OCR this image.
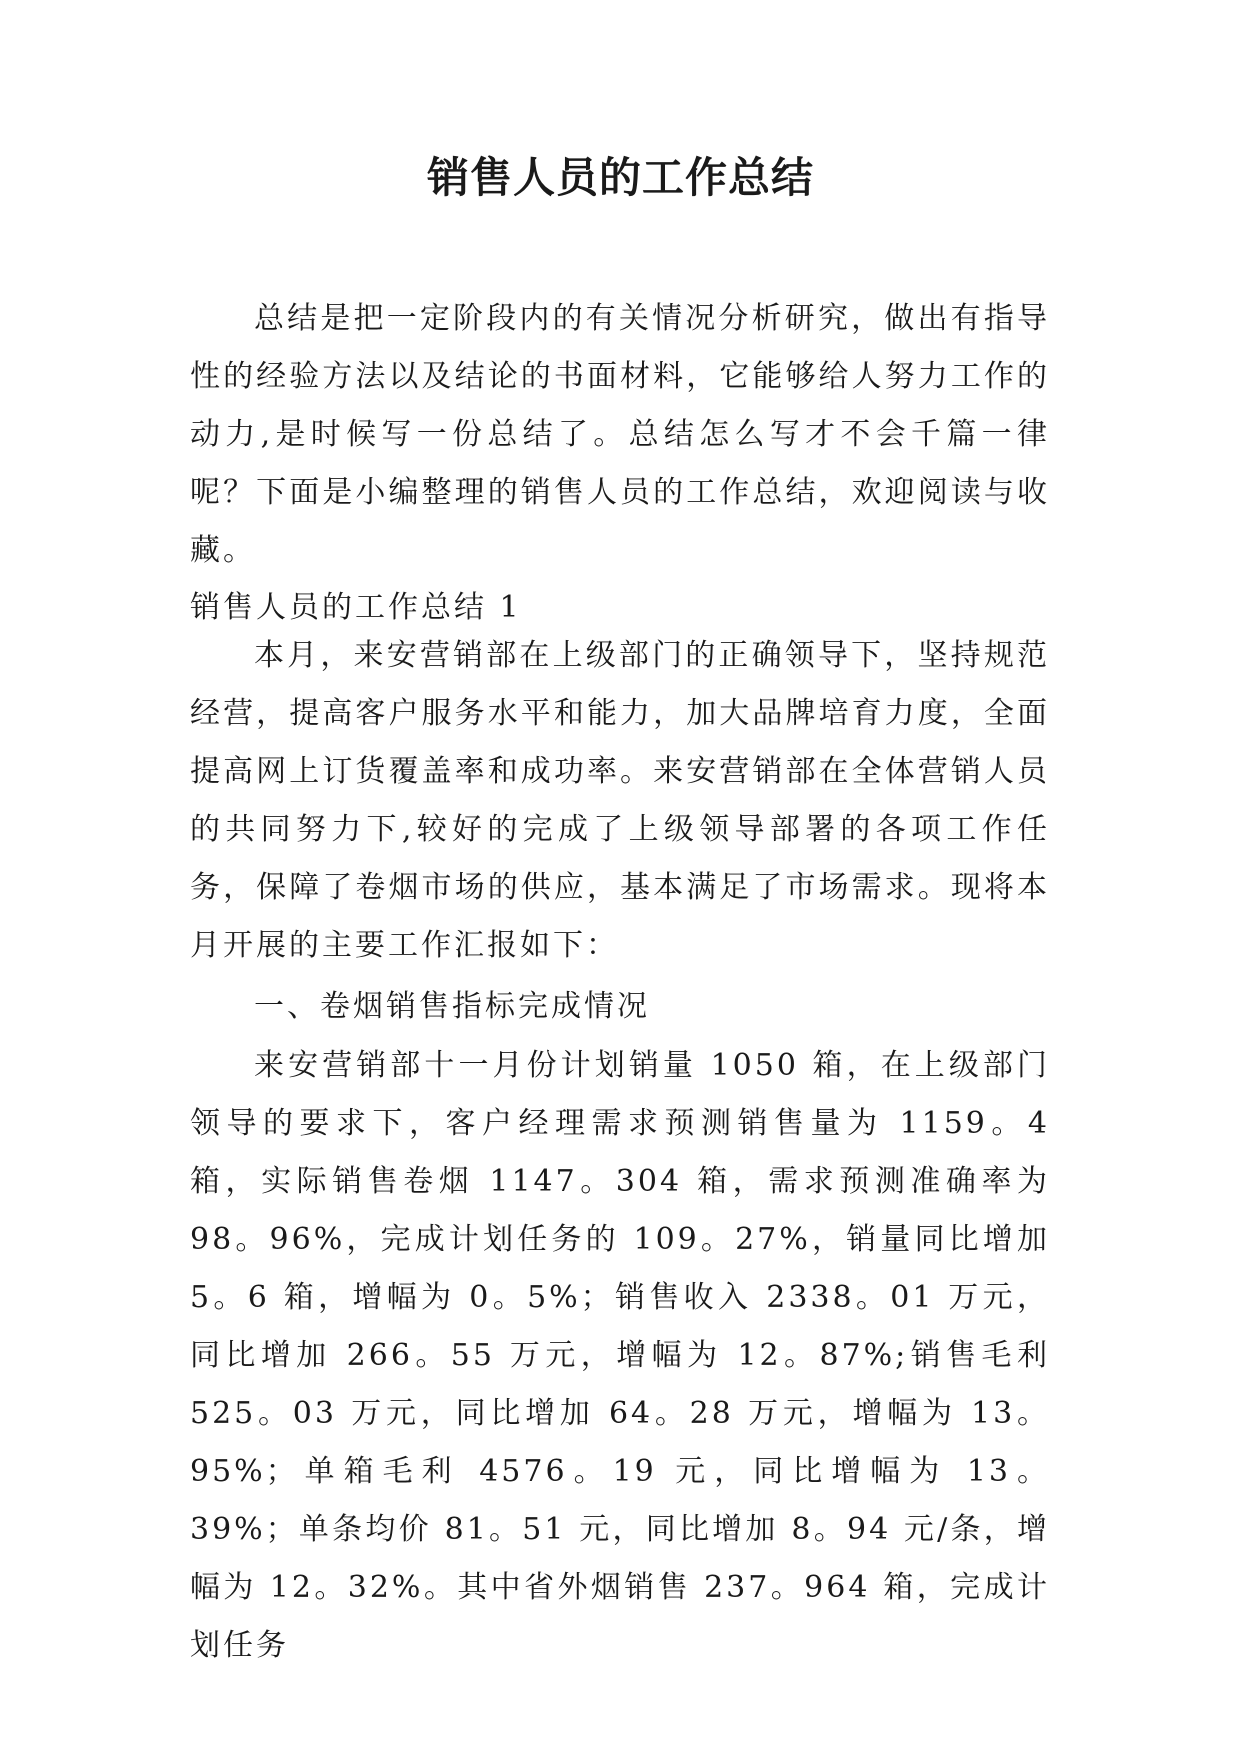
销售人员的工作总结

总结是把一定阶段内的有关情况分析研究，做出有指导性的经验方法以及结论的书面材料，它能够给人努力工作的动力,是时候写一份总结了。总结怎么写才不会千篇一律呢？下面是小编整理的销售人员的工作总结，欢迎阅读与收藏。

销售人员的工作总结 1

本月，来安营销部在上级部门的正确领导下，坚持规范经营，提高客户服务水平和能力，加大品牌培育力度，全面提高网上订货覆盖率和成功率。来安营销部在全体营销人员的共同努力下,较好的完成了上级领导部署的各项工作任务，保障了卷烟市场的供应，基本满足了市场需求。现将本月开展的主要工作汇报如下：

一、卷烟销售指标完成情况

来安营销部十一月份计划销量 1050 箱，在上级部门领导的要求下，客户经理需求预测销售量为 1159。4 箱，实际销售卷烟 1147。304 箱，需求预测准确率为 98。96%，完成计划任务的 109。27%，销量同比增加 5。6 箱，增幅为 0。5%；销售收入 2338。01 万元，同比增加 266。55 万元，增幅为 12。87%;销售毛利 525。03 万元，同比增加 64。28 万元，增幅为 13。95%；单箱毛利 4576。19 元，同比增幅为 13。39%；单条均价 81。51 元，同比增加 8。94 元/条，增幅为 12。32%。其中省外烟销售 237。964 箱，完成计划任务
